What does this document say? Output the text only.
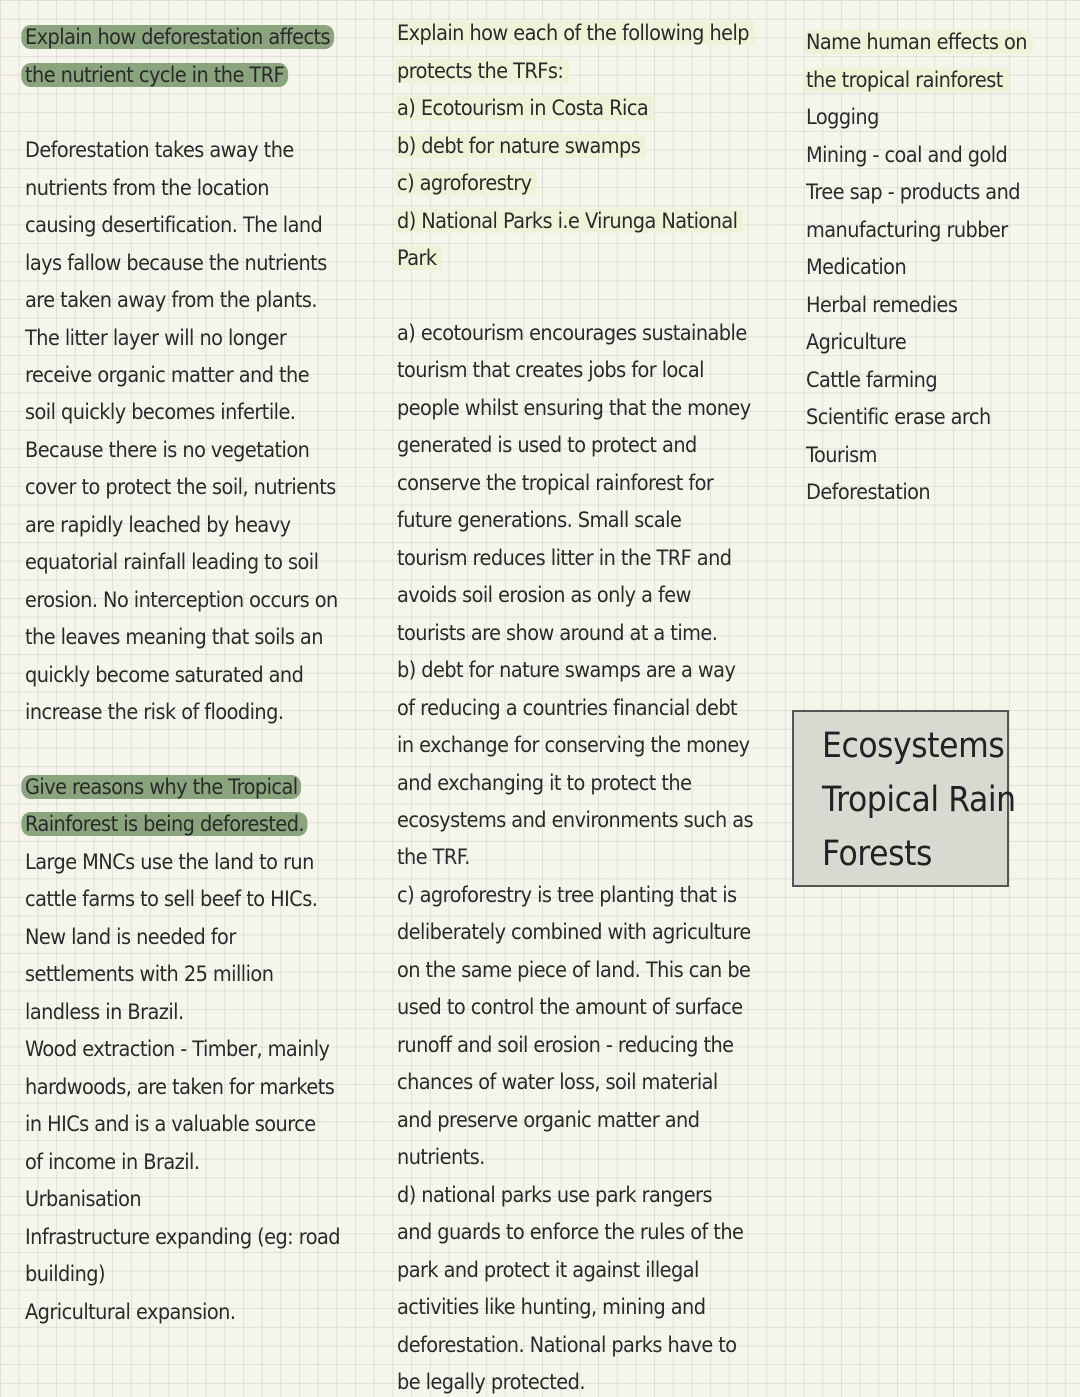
Explain how deforestation affects
the nutrient cycle in the TRF
Deforestation takes away the
nutrients from the location
causing desertification. The land
lays fallow because the nutrients
are taken away from the plants.
The litter layer will no longer
receive organic matter and the
soil quickly becomes infertile.
Because there is no vegetation
cover to protect the soil, nutrients
are rapidly leached by heavy
equatorial rainfall leading to soil
erosion. No interception occurs on
the leaves meaning that soils an
quickly become saturated and
increase the risk of flooding.
Give reasons why the Tropical
Rainforest is being deforested.
Large MNCs use the land to run
cattle farms to sell beef to HICs.
New land is needed for
settlements with 25 million
landless in Brazil.
Wood extraction - Timber, mainly
hardwoods, are taken for markets
in HICs and is a valuable source
of income in Brazil.
Urbanisation
Infrastructure expanding (eg: road
building)
Agricultural expansion.
Explain how each of the following help
protects the TRFs:
a) Ecotourism in Costa Rica
b) debt for nature swamps
c) agroforestry
d) National Parks i.e Virunga National
Park
a) ecotourism encourages sustainable
tourism that creates jobs for local
people whilst ensuring that the money
generated is used to protect and
conserve the tropical rainforest for
future generations. Small scale
tourism reduces litter in the TRF and
avoids soil erosion as only a few
tourists are show around at a time.
b) debt for nature swamps are a way
of reducing a countries financial debt
in exchange for conserving the money
and exchanging it to protect the
ecosystems and environments such as
the TRF.
c) agroforestry is tree planting that is
deliberately combined with agriculture
on the same piece of land. This can be
used to control the amount of surface
runoff and soil erosion - reducing the
chances of water loss, soil material
and preserve organic matter and
nutrients.
d) national parks use park rangers
and guards to enforce the rules of the
park and protect it against illegal
activities like hunting, mining and
deforestation. National parks have to
be legally protected.
Name human effects on
the tropical rainforest
Logging
Mining - coal and gold
Tree sap - products and
manufacturing rubber
Medication
Herbal remedies
Agriculture
Cattle farming
Scientific erase arch
Tourism
Deforestation
Ecosystems
Tropical Rain
Forests
